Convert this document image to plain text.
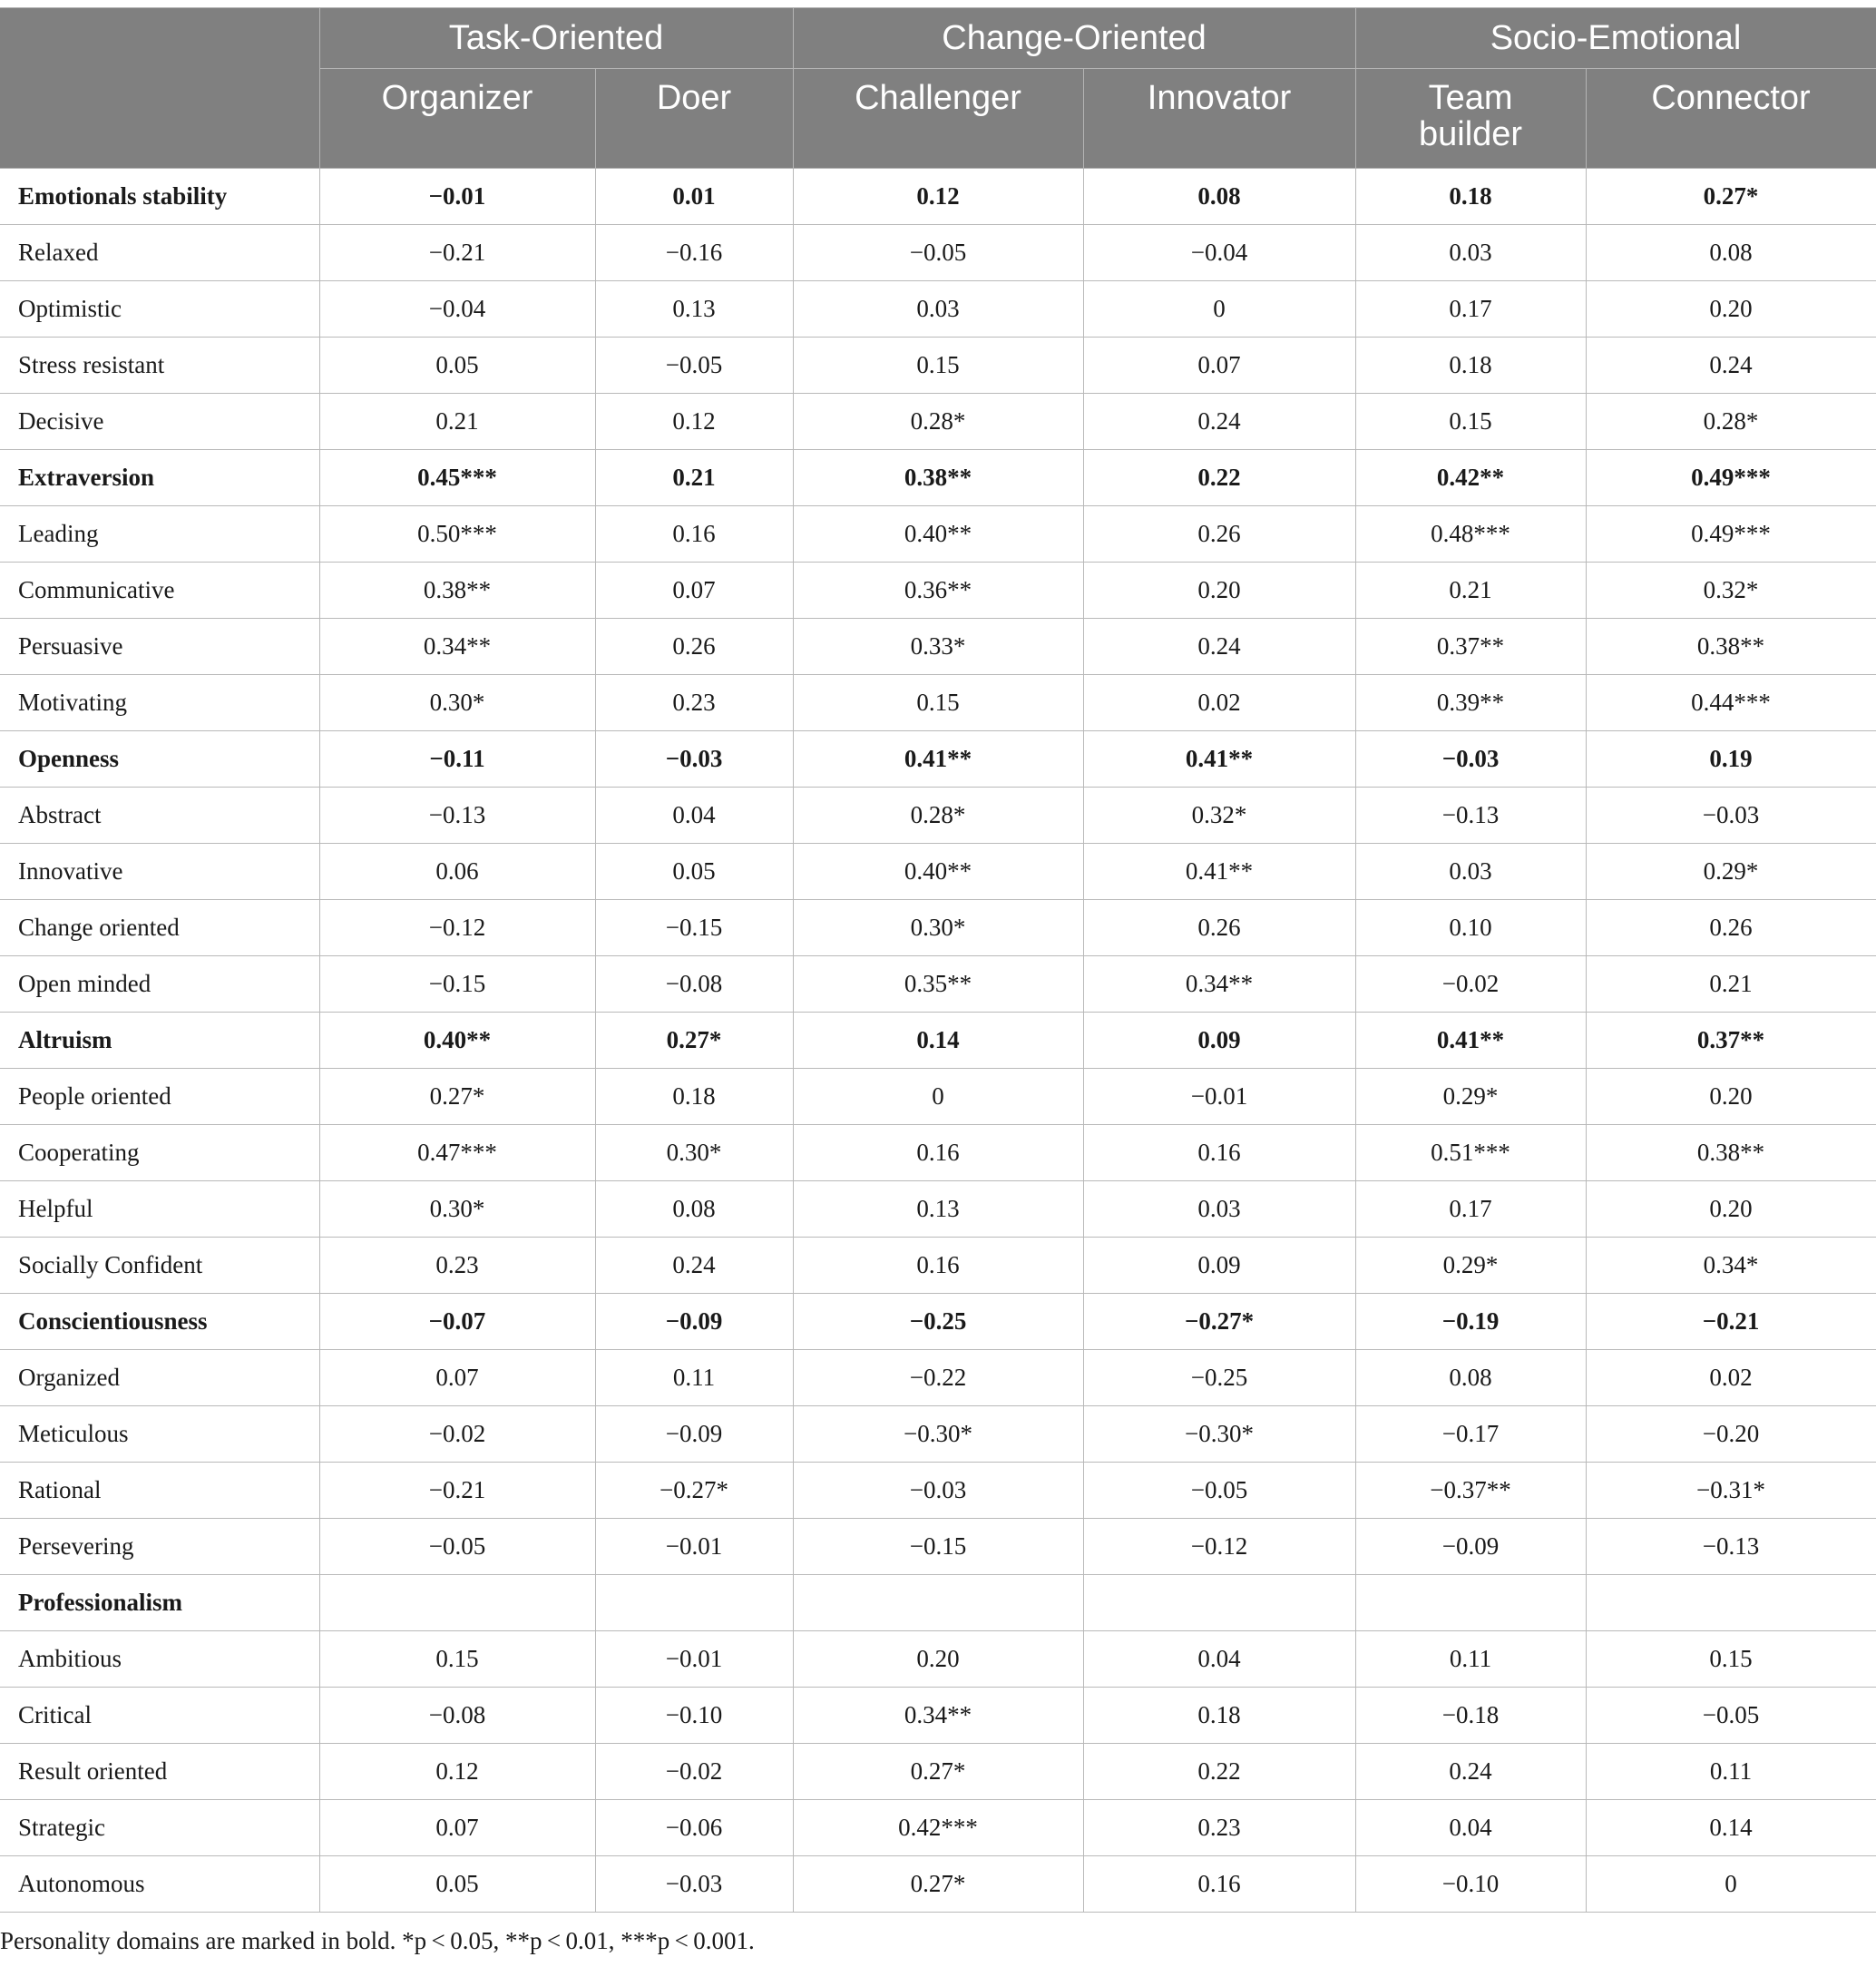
	Task-Oriented		Change-Oriented		Socio-Emotional	
	Organizer	Doer	Challenger	Innovator	Team builder	Connector
Emotionals stability	−0.01	0.01	0.12	0.08	0.18	0.27*
Relaxed	−0.21	−0.16	−0.05	−0.04	0.03	0.08
Optimistic	−0.04	0.13	0.03	0	0.17	0.20
Stress resistant	0.05	−0.05	0.15	0.07	0.18	0.24
Decisive	0.21	0.12	0.28*	0.24	0.15	0.28*
Extraversion	0.45***	0.21	0.38**	0.22	0.42**	0.49***
Leading	0.50***	0.16	0.40**	0.26	0.48***	0.49***
Communicative	0.38**	0.07	0.36**	0.20	0.21	0.32*
Persuasive	0.34**	0.26	0.33*	0.24	0.37**	0.38**
Motivating	0.30*	0.23	0.15	0.02	0.39**	0.44***
Openness	−0.11	−0.03	0.41**	0.41**	−0.03	0.19
Abstract	−0.13	0.04	0.28*	0.32*	−0.13	−0.03
Innovative	0.06	0.05	0.40**	0.41**	0.03	0.29*
Change oriented	−0.12	−0.15	0.30*	0.26	0.10	0.26
Open minded	−0.15	−0.08	0.35**	0.34**	−0.02	0.21
Altruism	0.40**	0.27*	0.14	0.09	0.41**	0.37**
People oriented	0.27*	0.18	0	−0.01	0.29*	0.20
Cooperating	0.47***	0.30*	0.16	0.16	0.51***	0.38**
Helpful	0.30*	0.08	0.13	0.03	0.17	0.20
Socially Confident	0.23	0.24	0.16	0.09	0.29*	0.34*
Conscientiousness	−0.07	−0.09	−0.25	−0.27*	−0.19	−0.21
Organized	0.07	0.11	−0.22	−0.25	0.08	0.02
Meticulous	−0.02	−0.09	−0.30*	−0.30*	−0.17	−0.20
Rational	−0.21	−0.27*	−0.03	−0.05	−0.37**	−0.31*
Persevering	−0.05	−0.01	−0.15	−0.12	−0.09	−0.13
Professionalism						
Ambitious	0.15	−0.01	0.20	0.04	0.11	0.15
Critical	−0.08	−0.10	0.34**	0.18	−0.18	−0.05
Result oriented	0.12	−0.02	0.27*	0.22	0.24	0.11
Strategic	0.07	−0.06	0.42***	0.23	0.04	0.14
Autonomous	0.05	−0.03	0.27*	0.16	−0.10	0
Personality domains are marked in bold. *p < 0.05, **p < 0.01, ***p < 0.001.
